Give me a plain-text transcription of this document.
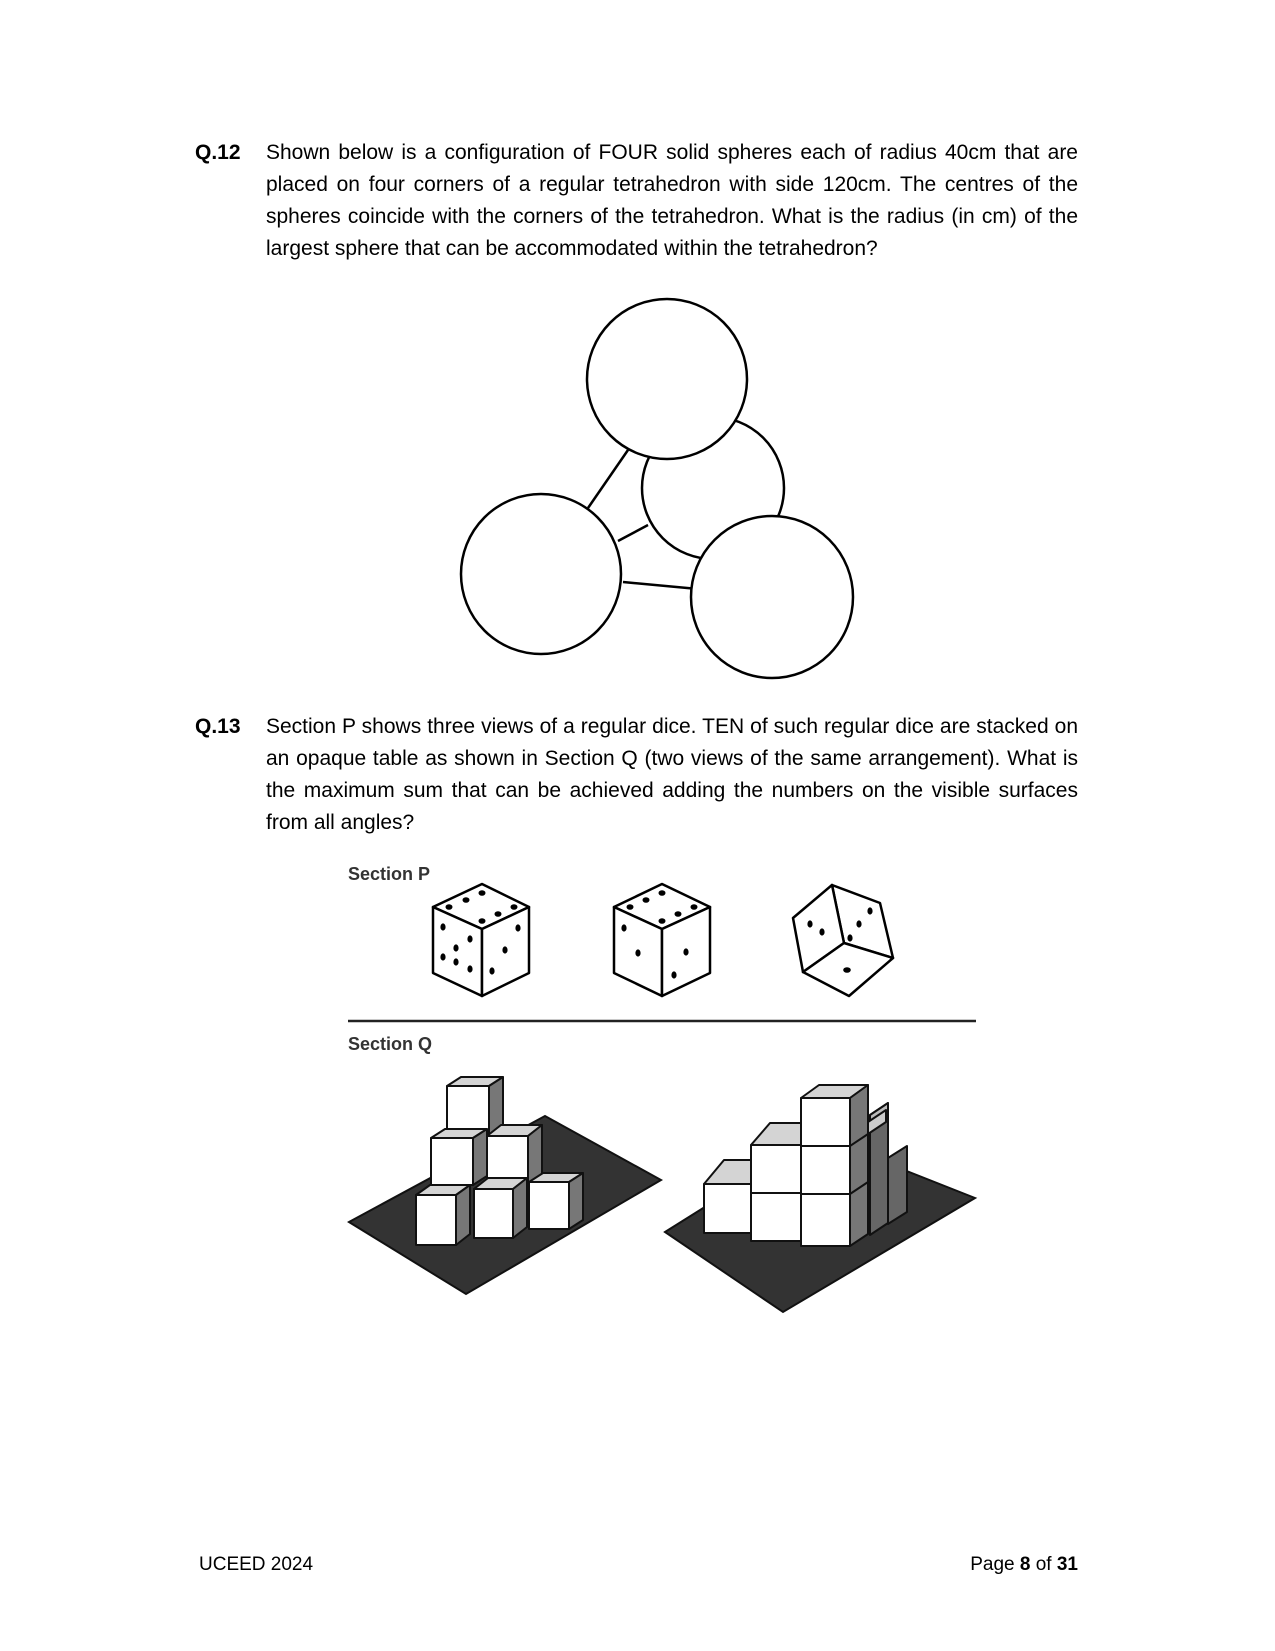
Q.12 Shown below is a configuration of FOUR solid spheres each of radius 40cm that are placed on four corners of a regular tetrahedron with side 120cm. The centres of the spheres coincide with the corners of the tetrahedron. What is the radius (in cm) of the largest sphere that can be accommodated within the tetrahedron?
Q.13 Section P shows three views of a regular dice. TEN of such regular dice are stacked on an opaque table as shown in Section Q (two views of the same arrangement). What is the maximum sum that can be achieved adding the numbers on the visible surfaces from all angles?
Section P
Section Q
UCEED 2024	Page 8 of 31
